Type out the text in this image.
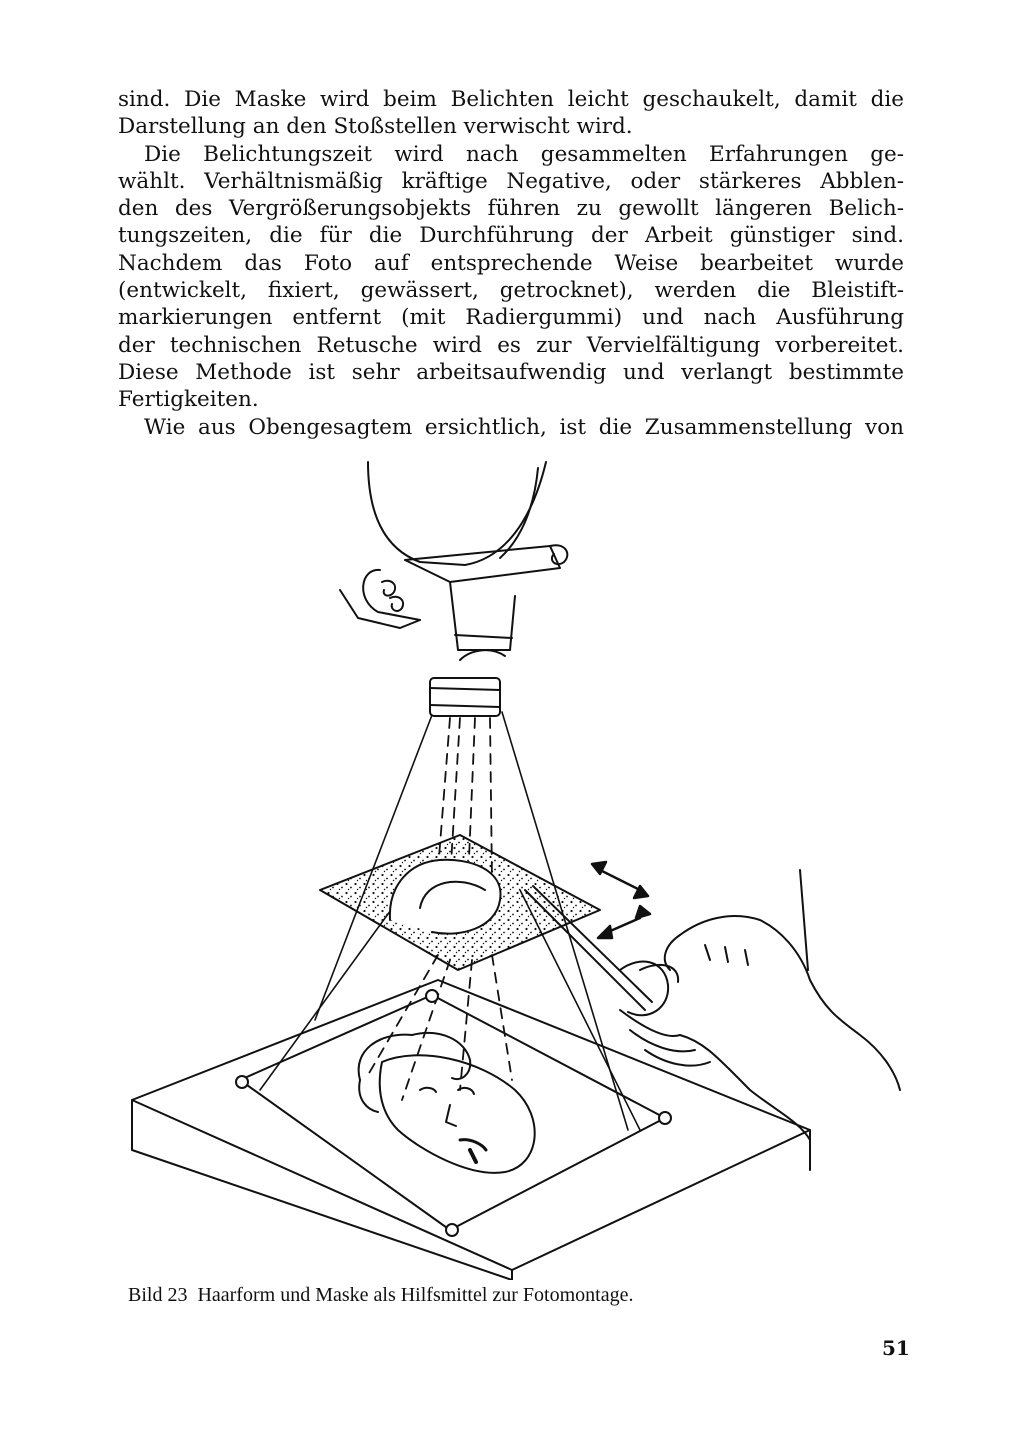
sind. Die Maske wird beim Belichten leicht geschaukelt, damit die
Darstellung an den Stoßstellen verwischt wird.
Die Belichtungszeit wird nach gesammelten Erfahrungen ge-
wählt. Verhältnismäßig kräftige Negative, oder stärkeres Abblen-
den des Vergrößerungsobjekts führen zu gewollt längeren Belich-
tungszeiten, die für die Durchführung der Arbeit günstiger sind.
Nachdem das Foto auf entsprechende Weise bearbeitet wurde
(entwickelt, fixiert, gewässert, getrocknet), werden die Bleistift-
markierungen entfernt (mit Radiergummi) und nach Ausführung
der technischen Retusche wird es zur Vervielfältigung vorbereitet.
Diese Methode ist sehr arbeitsaufwendig und verlangt bestimmte
Fertigkeiten.
Wie aus Obengesagtem ersichtlich, ist die Zusammenstellung von
Bild 23 Haarform und Maske als Hilfsmittel zur Fotomontage.
51
